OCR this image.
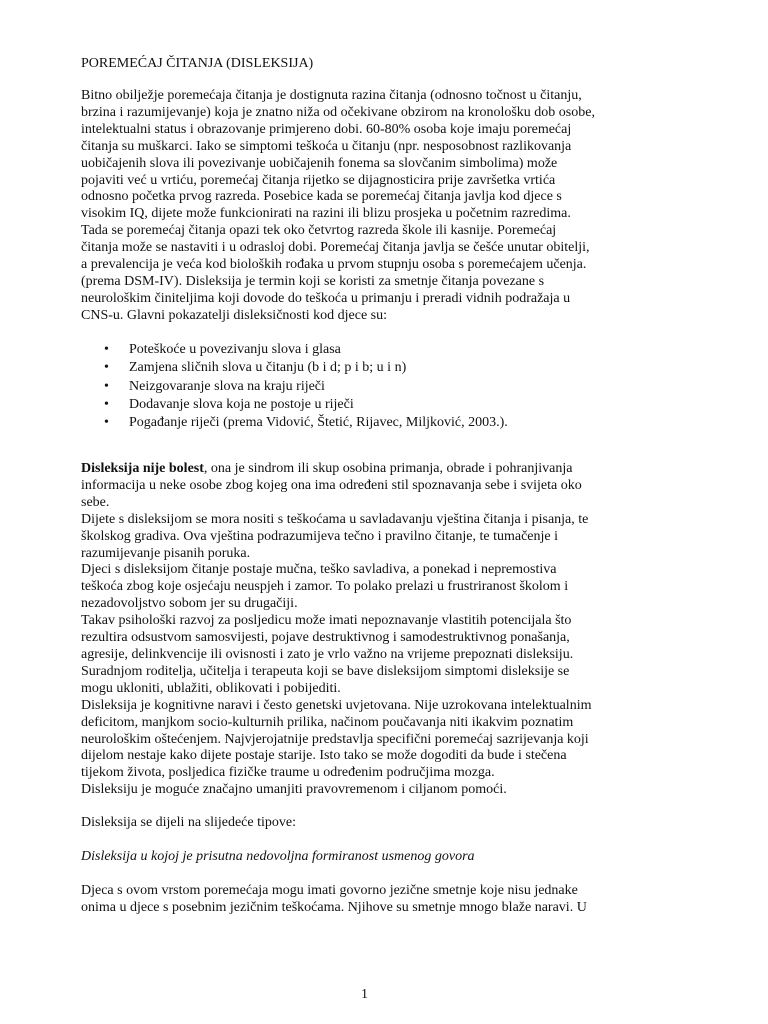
POREMEĆAJ ČITANJA (DISLEKSIJA)
Bitno obilježje poremećaja čitanja je dostignuta razina čitanja (odnosno točnost u čitanju,
brzina i razumijevanje) koja je znatno niža od očekivane obzirom na kronološku dob osobe,
intelektualni status i obrazovanje primjereno dobi. 60-80% osoba koje imaju poremećaj
čitanja su muškarci. Iako se simptomi teškoća u čitanju (npr. nesposobnost razlikovanja
uobičajenih slova ili povezivanje uobičajenih fonema sa slovčanim simbolima) može
pojaviti već u vrtiću, poremećaj čitanja rijetko se dijagnosticira prije završetka vrtića
odnosno početka prvog razreda. Posebice kada se poremećaj čitanja javlja kod djece s
visokim IQ, dijete može funkcionirati na razini ili blizu prosjeka u početnim razredima.
Tada se poremećaj čitanja opazi tek oko četvrtog razreda škole ili kasnije. Poremećaj
čitanja može se nastaviti i u odrasloj dobi. Poremećaj čitanja javlja se češće unutar obitelji,
a prevalencija je veća kod bioloških rođaka u prvom stupnju osoba s poremećajem učenja.
(prema DSM-IV). Disleksija je termin koji se koristi za smetnje čitanja povezane s
neurološkim činiteljima koji dovode do teškoća u primanju i preradi vidnih podražaja u
CNS-u. Glavni pokazatelji disleksičnosti kod djece su:
• Poteškoće u povezivanju slova i glasa
• Zamjena sličnih slova u čitanju (b i d; p i b; u i n)
• Neizgovaranje slova na kraju riječi
• Dodavanje slova koja ne postoje u riječi
• Pogađanje riječi (prema Vidović, Štetić, Rijavec, Miljković, 2003.).
Disleksija nije bolest, ona je sindrom ili skup osobina primanja, obrade i pohranjivanja
informacija u neke osobe zbog kojeg ona ima određeni stil spoznavanja sebe i svijeta oko
sebe.
Dijete s disleksijom se mora nositi s teškoćama u savladavanju vještina čitanja i pisanja, te
školskog gradiva. Ova vještina podrazumijeva tečno i pravilno čitanje, te tumačenje i
razumijevanje pisanih poruka.
Djeci s disleksijom čitanje postaje mučna, teško savladiva, a ponekad i nepremostiva
teškoća zbog koje osjećaju neuspjeh i zamor. To polako prelazi u frustriranost školom i
nezadovoljstvo sobom jer su drugačiji.
Takav psihološki razvoj za posljedicu može imati nepoznavanje vlastitih potencijala što
rezultira odsustvom samosvijesti, pojave destruktivnog i samodestruktivnog ponašanja,
agresije, delinkvencije ili ovisnosti i zato je vrlo važno na vrijeme prepoznati disleksiju.
Suradnjom roditelja, učitelja i terapeuta koji se bave disleksijom simptomi disleksije se
mogu ukloniti, ublažiti, oblikovati i pobijediti.
Disleksija je kognitivne naravi i često genetski uvjetovana. Nije uzrokovana intelektualnim
deficitom, manjkom socio-kulturnih prilika, načinom poučavanja niti ikakvim poznatim
neurološkim oštećenjem. Najvjerojatnije predstavlja specifični poremećaj sazrijevanja koji
dijelom nestaje kako dijete postaje starije. Isto tako se može dogoditi da bude i stečena
tijekom života, posljedica fizičke traume u određenim područjima mozga.
Disleksiju je moguće značajno umanjiti pravovremenom i ciljanom pomoći.
Disleksija se dijeli na slijedeće tipove:
Disleksija u kojoj je prisutna nedovoljna formiranost usmenog govora
Djeca s ovom vrstom poremećaja mogu imati govorno jezične smetnje koje nisu jednake
onima u djece s posebnim jezičnim teškoćama. Njihove su smetnje mnogo blaže naravi. U
1
